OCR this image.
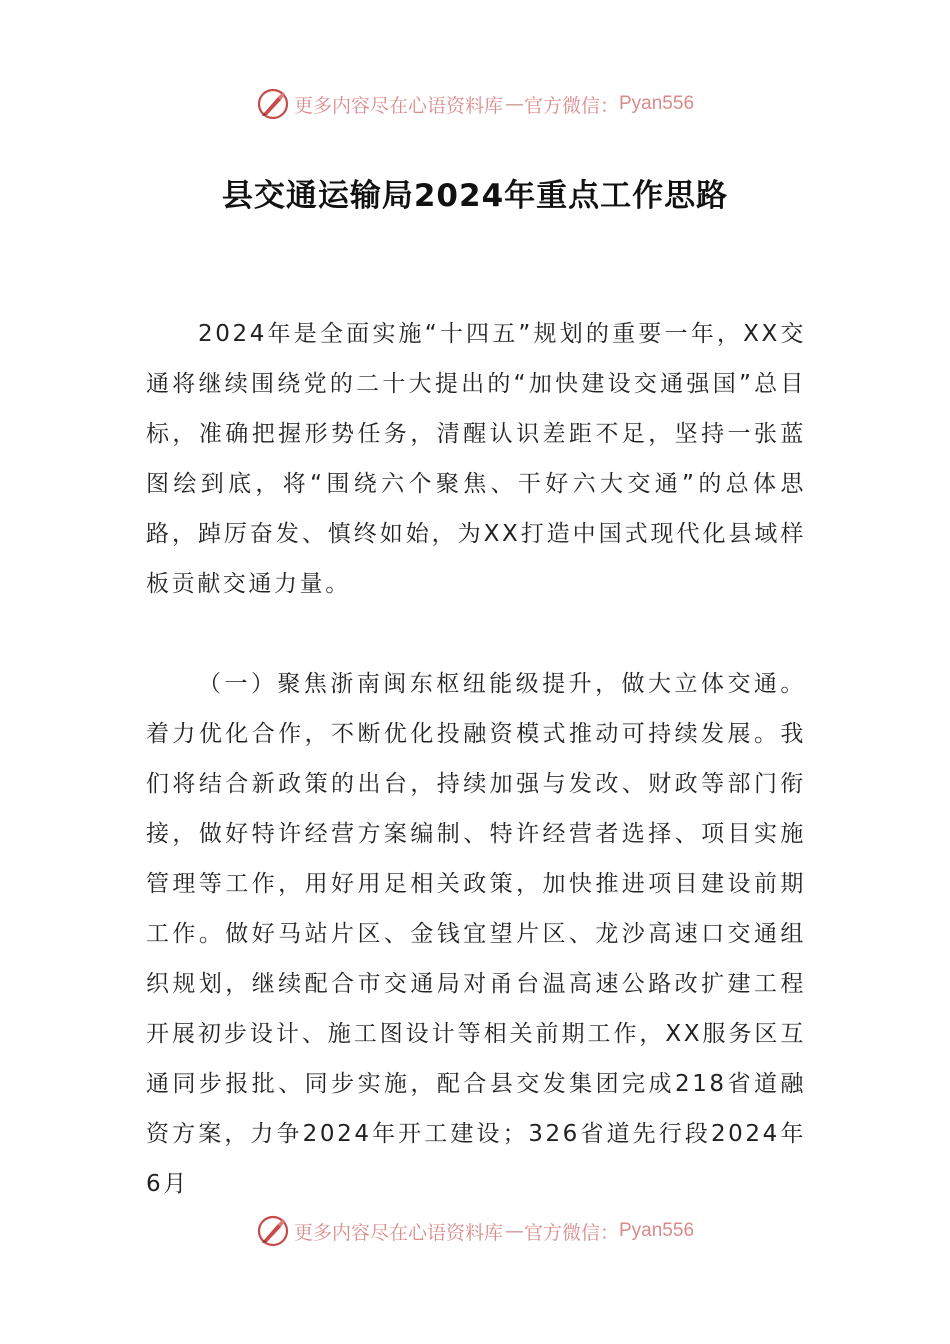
更多内容尽在心语资料库 — 官方微信： Pyan556
县交通运输局2024年重点工作思路

2024年是全面实施“十四五”规划的重要一年，XX交通将继续围绕党的二十大提出的“加快建设交通强国”总目标，准确把握形势任务，清醒认识差距不足，坚持一张蓝图绘到底，将“围绕六个聚焦、干好六大交通”的总体思路，踔厉奋发、慎终如始，为XX打造中国式现代化县域样板贡献交通力量。

（一）聚焦浙南闽东枢纽能级提升，做大立体交通。着力优化合作，不断优化投融资模式推动可持续发展。我们将结合新政策的出台，持续加强与发改、财政等部门衔接，做好特许经营方案编制、特许经营者选择、项目实施管理等工作，用好用足相关政策，加快推进项目建设前期工作。做好马站片区、金钱宜望片区、龙沙高速口交通组织规划，继续配合市交通局对甬台温高速公路改扩建工程开展初步设计、施工图设计等相关前期工作，XX服务区互通同步报批、同步实施，配合县交发集团完成218省道融资方案，力争2024年开工建设；326省道先行段2024年6月

更多内容尽在心语资料库 — 官方微信： Pyan556
